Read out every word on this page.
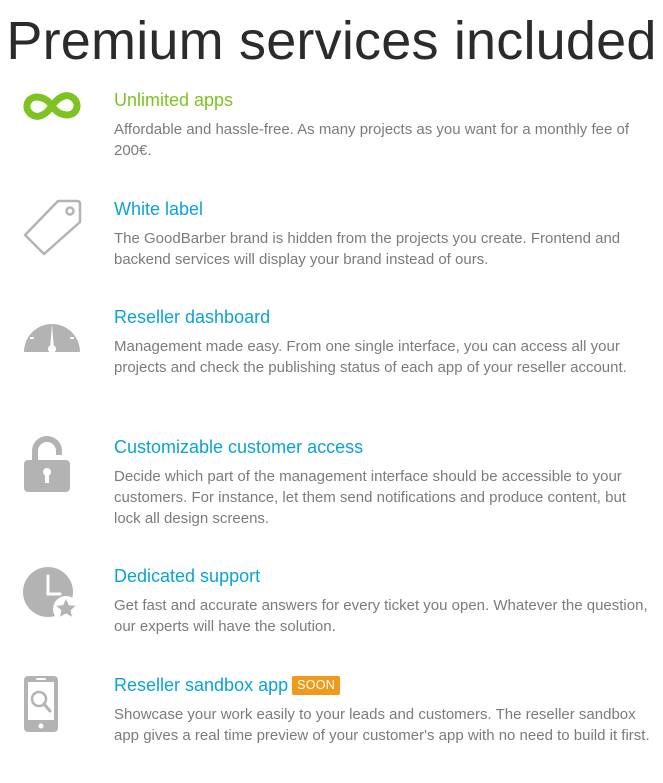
Premium services included
Unlimited apps
Affordable and hassle-free. As many projects as you want for a monthly fee of 200€.
White label
The GoodBarber brand is hidden from the projects you create. Frontend and backend services will display your brand instead of ours.
Reseller dashboard
Management made easy. From one single interface, you can access all your projects and check the publishing status of each app of your reseller account.
Customizable customer access
Decide which part of the management interface should be accessible to your customers. For instance, let them send notifications and produce content, but lock all design screens.
Dedicated support
Get fast and accurate answers for every ticket you open. Whatever the question, our experts will have the solution.
Reseller sandbox app SOON
Showcase your work easily to your leads and customers. The reseller sandbox app gives a real time preview of your customer's app with no need to build it first.
